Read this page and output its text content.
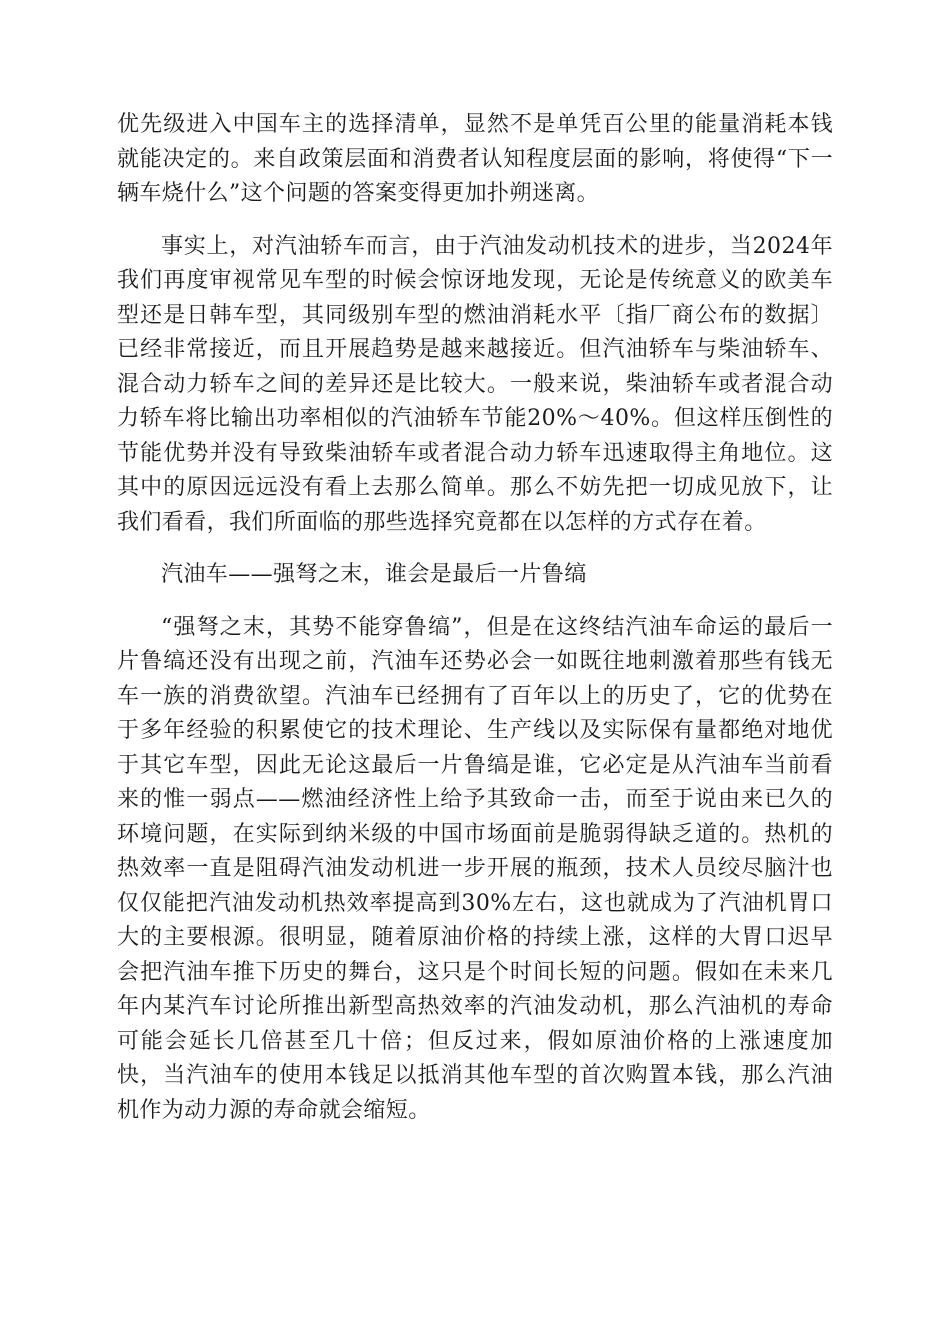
优先级进入中国车主的选择清单，显然不是单凭百公里的能量消耗本钱就能决定的。来自政策层面和消费者认知程度层面的影响，将使得“下一辆车烧什么”这个问题的答案变得更加扑朔迷离。

事实上，对汽油轿车而言，由于汽油发动机技术的进步，当2024年我们再度审视常见车型的时候会惊讶地发现，无论是传统意义的欧美车型还是日韩车型，其同级别车型的燃油消耗水平〔指厂商公布的数据〕已经非常接近，而且开展趋势是越来越接近。但汽油轿车与柴油轿车、混合动力轿车之间的差异还是比较大。一般来说，柴油轿车或者混合动力轿车将比输出功率相似的汽油轿车节能20%～40%。但这样压倒性的节能优势并没有导致柴油轿车或者混合动力轿车迅速取得主角地位。这其中的原因远远没有看上去那么简单。那么不妨先把一切成见放下，让我们看看，我们所面临的那些选择究竟都在以怎样的方式存在着。

汽油车——强弩之末，谁会是最后一片鲁缟

“强弩之末，其势不能穿鲁缟”，但是在这终结汽油车命运的最后一片鲁缟还没有出现之前，汽油车还势必会一如既往地刺激着那些有钱无车一族的消费欲望。汽油车已经拥有了百年以上的历史了，它的优势在于多年经验的积累使它的技术理论、生产线以及实际保有量都绝对地优于其它车型，因此无论这最后一片鲁缟是谁，它必定是从汽油车当前看来的惟一弱点——燃油经济性上给予其致命一击，而至于说由来已久的环境问题，在实际到纳米级的中国市场面前是脆弱得缺乏道的。热机的热效率一直是阻碍汽油发动机进一步开展的瓶颈，技术人员绞尽脑汁也仅仅能把汽油发动机热效率提高到30%左右，这也就成为了汽油机胃口大的主要根源。很明显，随着原油价格的持续上涨，这样的大胃口迟早会把汽油车推下历史的舞台，这只是个时间长短的问题。假如在未来几年内某汽车讨论所推出新型高热效率的汽油发动机，那么汽油机的寿命可能会延长几倍甚至几十倍；但反过来，假如原油价格的上涨速度加快，当汽油车的使用本钱足以抵消其他车型的首次购置本钱，那么汽油机作为动力源的寿命就会缩短。
